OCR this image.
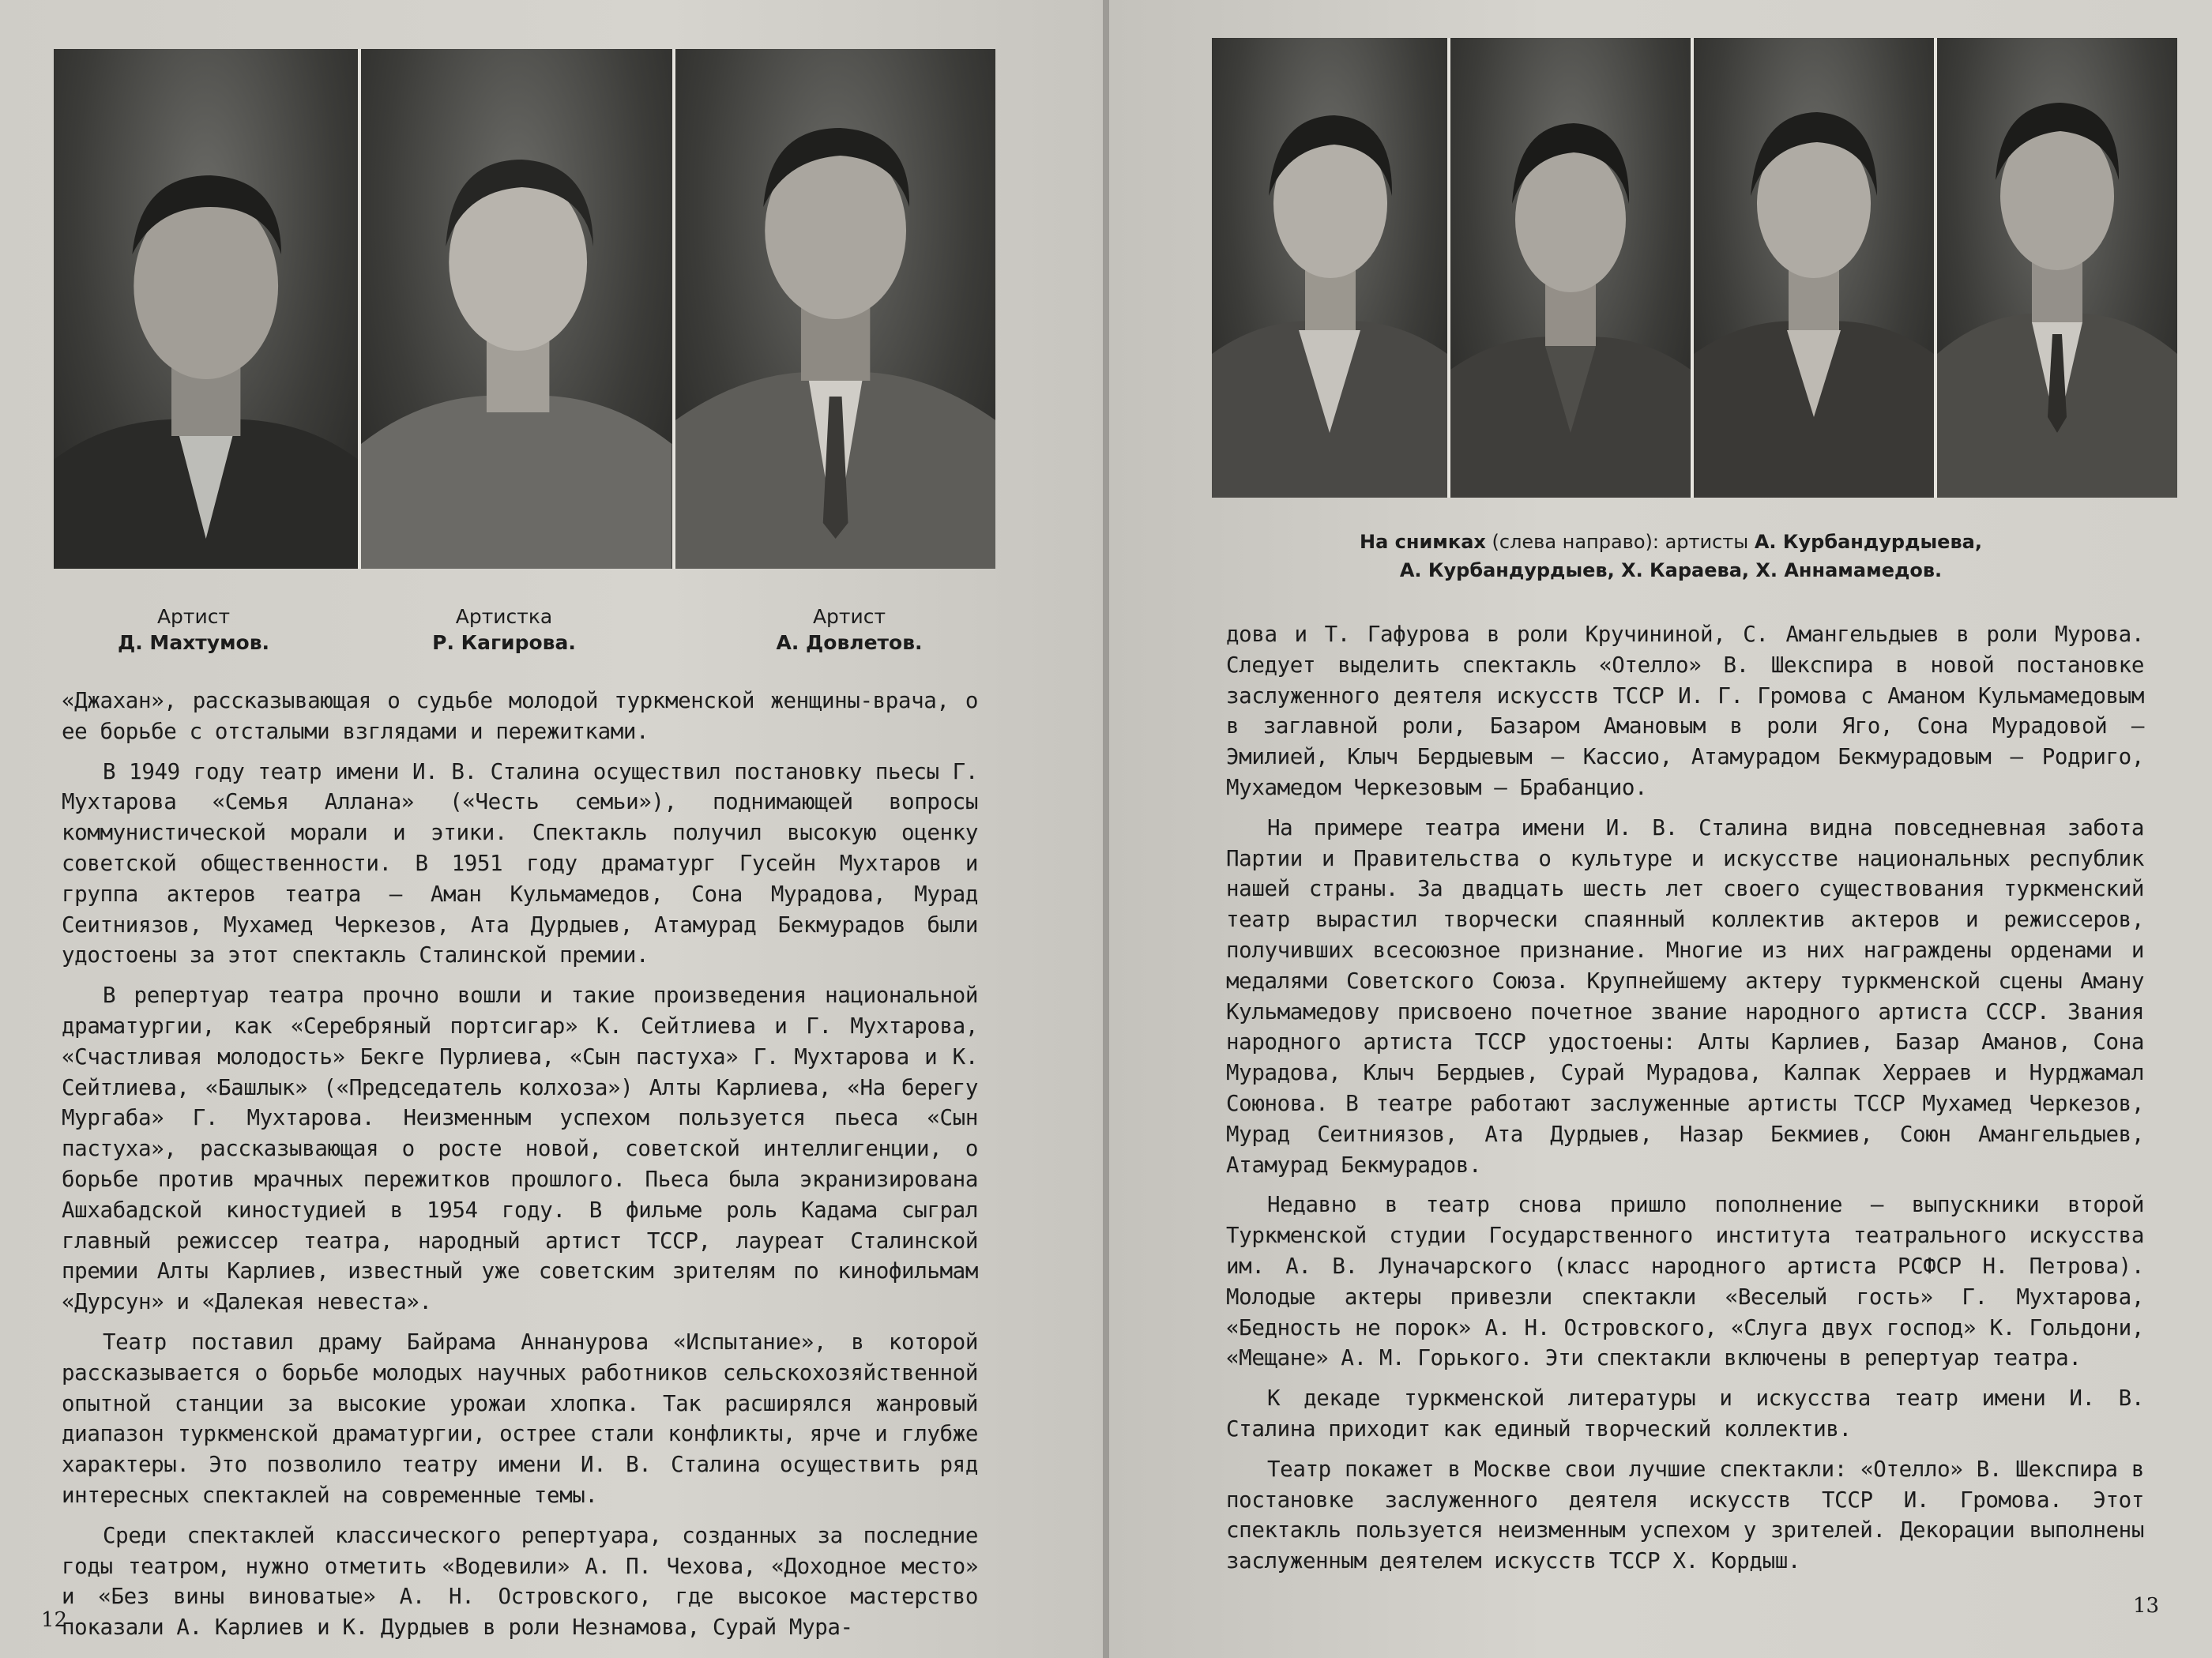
Артист
Д. Махтумов.
Артистка
Р. Кагирова.
Артист
А. Довлетов.

«Джахан», рассказывающая о судьбе молодой туркменской женщины-врача, о ее борьбе с отсталыми взглядами и пережитками.

В 1949 году театр имени И. В. Сталина осуществил постановку пьесы Г. Мухтарова «Семья Аллана» («Честь семьи»), поднимающей вопросы коммунистической морали и этики. Спектакль получил высокую оценку советской общественности. В 1951 году драматург Гусейн Мухтаров и группа актеров театра — Аман Кульмамедов, Сона Мурадова, Мурад Сеитниязов, Мухамед Черкезов, Ата Дурдыев, Атамурад Бекмурадов были удостоены за этот спектакль Сталинской премии.

В репертуар театра прочно вошли и такие произведения национальной драматургии, как «Серебряный портсигар» К. Сейтлиева и Г. Мухтарова, «Счастливая молодость» Бекге Пурлиева, «Сын пастуха» Г. Мухтарова и К. Сейтлиева, «Башлык» («Председатель колхоза») Алты Карлиева, «На берегу Мургаба» Г. Мухтарова. Неизменным успехом пользуется пьеса «Сын пастуха», рассказывающая о росте новой, советской интеллигенции, о борьбе против мрачных пережитков прошлого. Пьеса была экранизирована Ашхабадской киностудией в 1954 году. В фильме роль Кадама сыграл главный режиссер театра, народный артист ТССР, лауреат Сталинской премии Алты Карлиев, известный уже советским зрителям по кинофильмам «Дурсун» и «Далекая невеста».

Театр поставил драму Байрама Аннанурова «Испытание», в которой рассказывается о борьбе молодых научных работников сельскохозяйственной опытной станции за высокие урожаи хлопка. Так расширялся жанровый диапазон туркменской драматургии, острее стали конфликты, ярче и глубже характеры. Это позволило театру имени И. В. Сталина осуществить ряд интересных спектаклей на современные темы.

Среди спектаклей классического репертуара, созданных за последние годы театром, нужно отметить «Водевили» А. П. Чехова, «Доходное место» и «Без вины виноватые» А. Н. Островского, где высокое мастерство показали А. Карлиев и К. Дурдыев в роли Незнамова, Сурай Мура-

12
На снимках (слева направо): артисты А. Курбандурдыева,
А. Курбандурдыев, Х. Караева, Х. Аннамамедов.

дова и Т. Гафурова в роли Кручининой, С. Амангельдыев в роли Мурова. Следует выделить спектакль «Отелло» В. Шекспира в новой постановке заслуженного деятеля искусств ТССР И. Г. Громова с Аманом Кульмамедовым в заглавной роли, Базаром Амановым в роли Яго, Сона Мурадовой — Эмилией, Клыч Бердыевым — Кассио, Атамурадом Бекмурадовым — Родриго, Мухамедом Черкезовым — Брабанцио.

На примере театра имени И. В. Сталина видна повседневная забота Партии и Правительства о культуре и искусстве национальных республик нашей страны. За двадцать шесть лет своего существования туркменский театр вырастил творчески спаянный коллектив актеров и режиссеров, получивших всесоюзное признание. Многие из них награждены орденами и медалями Советского Союза. Крупнейшему актеру туркменской сцены Аману Кульмамедову присвоено почетное звание народного артиста СССР. Звания народного артиста ТССР удостоены: Алты Карлиев, Базар Аманов, Сона Мурадова, Клыч Бердыев, Сурай Мурадова, Калпак Херраев и Нурджамал Союнова. В театре работают заслуженные артисты ТССР Мухамед Черкезов, Мурад Сеитниязов, Ата Дурдыев, Назар Бекмиев, Союн Амангельдыев, Атамурад Бекмурадов.

Недавно в театр снова пришло пополнение — выпускники второй Туркменской студии Государственного института театрального искусства им. А. В. Луначарского (класс народного артиста РСФСР Н. Петрова). Молодые актеры привезли спектакли «Веселый гость» Г. Мухтарова, «Бедность не порок» А. Н. Островского, «Слуга двух господ» К. Гольдони, «Мещане» А. М. Горького. Эти спектакли включены в репертуар театра.

К декаде туркменской литературы и искусства театр имени И. В. Сталина приходит как единый творческий коллектив.

Театр покажет в Москве свои лучшие спектакли: «Отелло» В. Шекспира в постановке заслуженного деятеля искусств ТССР И. Громова. Этот спектакль пользуется неизменным успехом у зрителей. Декорации выполнены заслуженным деятелем искусств ТССР Х. Кордыш.

13
